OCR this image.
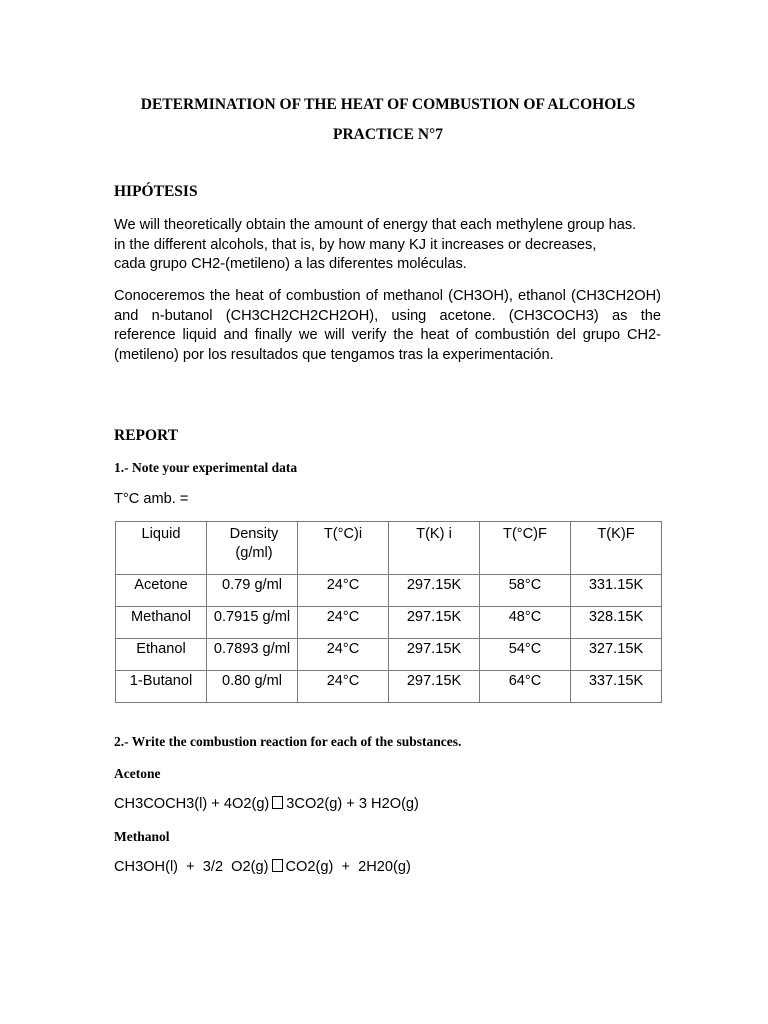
DETERMINATION OF THE HEAT OF COMBUSTION OF ALCOHOLS
PRACTICE N°7
HIPÓTESIS
We will theoretically obtain the amount of energy that each methylene group has.
in the different alcohols, that is, by how many KJ it increases or decreases,
cada grupo CH2-(metileno) a las diferentes moléculas.
Conoceremos the heat of combustion of methanol (CH3OH), ethanol (CH3CH2OH) and n-butanol (CH3CH2CH2CH2OH), using acetone. (CH3COCH3) as the reference liquid and finally we will verify the heat of combustión del grupo CH2-(metileno) por los resultados que tengamos tras la experimentación.
REPORT
1.- Note your experimental data
T°C amb. =
Liquid	Density (g/ml)	T(°C)i	T(K) i	T(°C)F	T(K)F
Acetone	0.79 g/ml	24°C	297.15K	58°C	331.15K
Methanol	0.7915 g/ml	24°C	297.15K	48°C	328.15K
Ethanol	0.7893 g/ml	24°C	297.15K	54°C	327.15K
1-Butanol	0.80 g/ml	24°C	297.15K	64°C	337.15K
2.- Write the combustion reaction for each of the substances.
Acetone
CH3COCH3(l) + 4O2(g) 3CO2(g) + 3 H2O(g)
Methanol
CH3OH(l)  +  3/2  O2(g) CO2(g)  +  2H20(g)
